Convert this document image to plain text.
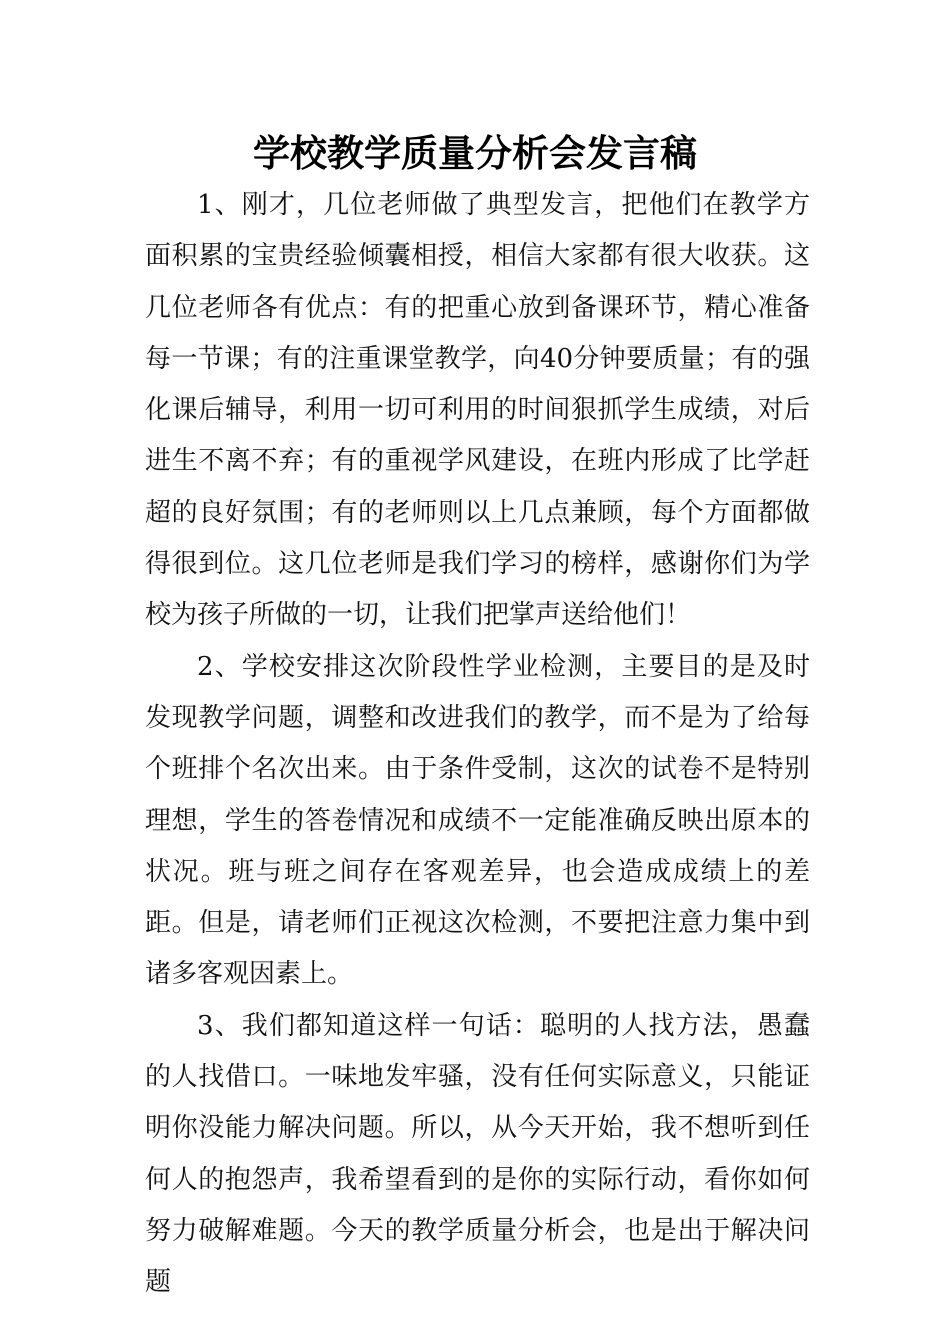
学校教学质量分析会发言稿

1、刚才，几位老师做了典型发言，把他们在教学方面积累的宝贵经验倾囊相授，相信大家都有很大收获。这几位老师各有优点：有的把重心放到备课环节，精心准备每一节课；有的注重课堂教学，向40分钟要质量；有的强化课后辅导，利用一切可利用的时间狠抓学生成绩，对后进生不离不弃；有的重视学风建设，在班内形成了比学赶超的良好氛围；有的老师则以上几点兼顾，每个方面都做得很到位。这几位老师是我们学习的榜样，感谢你们为学校为孩子所做的一切，让我们把掌声送给他们！

2、学校安排这次阶段性学业检测，主要目的是及时发现教学问题，调整和改进我们的教学，而不是为了给每个班排个名次出来。由于条件受制，这次的试卷不是特别理想，学生的答卷情况和成绩不一定能准确反映出原本的状况。班与班之间存在客观差异，也会造成成绩上的差距。但是，请老师们正视这次检测，不要把注意力集中到诸多客观因素上。

3、我们都知道这样一句话：聪明的人找方法，愚蠢的人找借口。一味地发牢骚，没有任何实际意义，只能证明你没能力解决问题。所以，从今天开始，我不想听到任何人的抱怨声，我希望看到的是你的实际行动，看你如何努力破解难题。今天的教学质量分析会，也是出于解决问题
